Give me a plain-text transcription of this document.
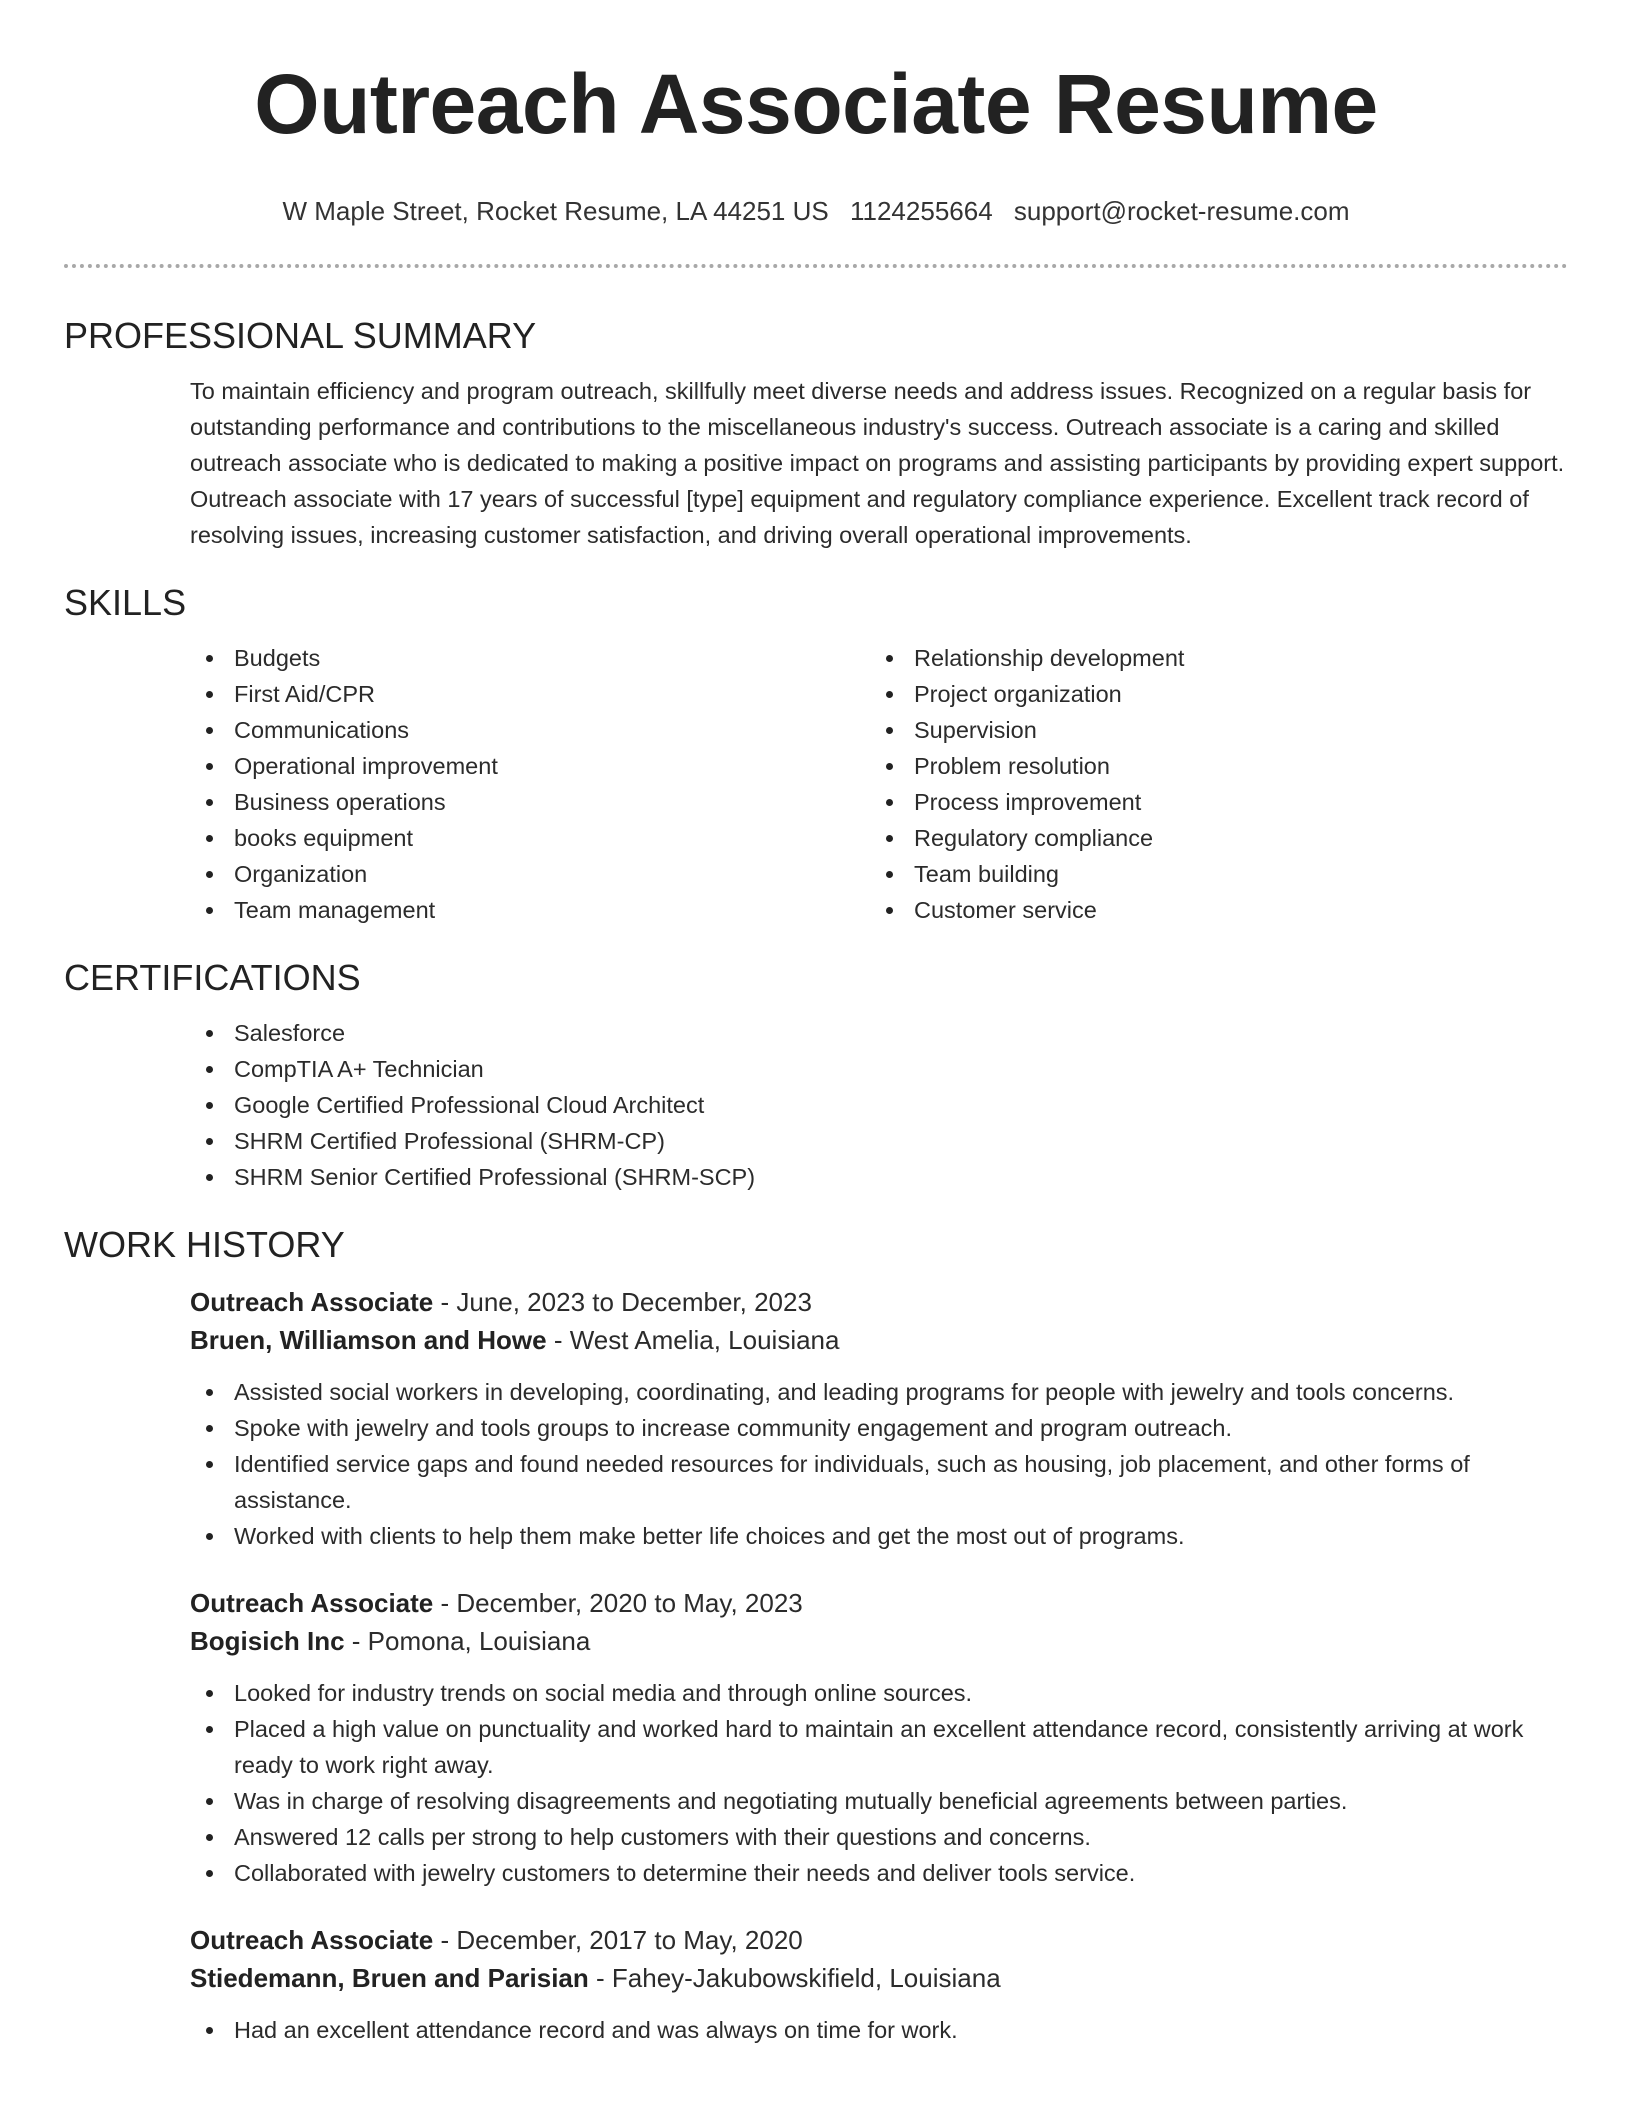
Outreach Associate Resume
W Maple Street, Rocket Resume, LA 44251 US 1124255664 support@rocket-resume.com
PROFESSIONAL SUMMARY

To maintain efficiency and program outreach, skillfully meet diverse needs and address issues. Recognized on a regular basis for outstanding performance and contributions to the miscellaneous industry's success. Outreach associate is a caring and skilled outreach associate who is dedicated to making a positive impact on programs and assisting participants by providing expert support. Outreach associate with 17 years of successful [type] equipment and regulatory compliance experience. Excellent track record of resolving issues, increasing customer satisfaction, and driving overall operational improvements.

SKILLS
Budgets
First Aid/CPR
Communications
Operational improvement
Business operations
books equipment
Organization
Team management
Relationship development
Project organization
Supervision
Problem resolution
Process improvement
Regulatory compliance
Team building
Customer service
CERTIFICATIONS
Salesforce
CompTIA A+ Technician
Google Certified Professional Cloud Architect
SHRM Certified Professional (SHRM-CP)
SHRM Senior Certified Professional (SHRM-SCP)
WORK HISTORY
Outreach Associate - June, 2023 to December, 2023
Bruen, Williamson and Howe - West Amelia, Louisiana
Assisted social workers in developing, coordinating, and leading programs for people with jewelry and tools concerns.
Spoke with jewelry and tools groups to increase community engagement and program outreach.
Identified service gaps and found needed resources for individuals, such as housing, job placement, and other forms of assistance.
Worked with clients to help them make better life choices and get the most out of programs.
Outreach Associate - December, 2020 to May, 2023
Bogisich Inc - Pomona, Louisiana
Looked for industry trends on social media and through online sources.
Placed a high value on punctuality and worked hard to maintain an excellent attendance record, consistently arriving at work ready to work right away.
Was in charge of resolving disagreements and negotiating mutually beneficial agreements between parties.
Answered 12 calls per strong to help customers with their questions and concerns.
Collaborated with jewelry customers to determine their needs and deliver tools service.
Outreach Associate - December, 2017 to May, 2020
Stiedemann, Bruen and Parisian - Fahey-Jakubowskifield, Louisiana
Had an excellent attendance record and was always on time for work.
